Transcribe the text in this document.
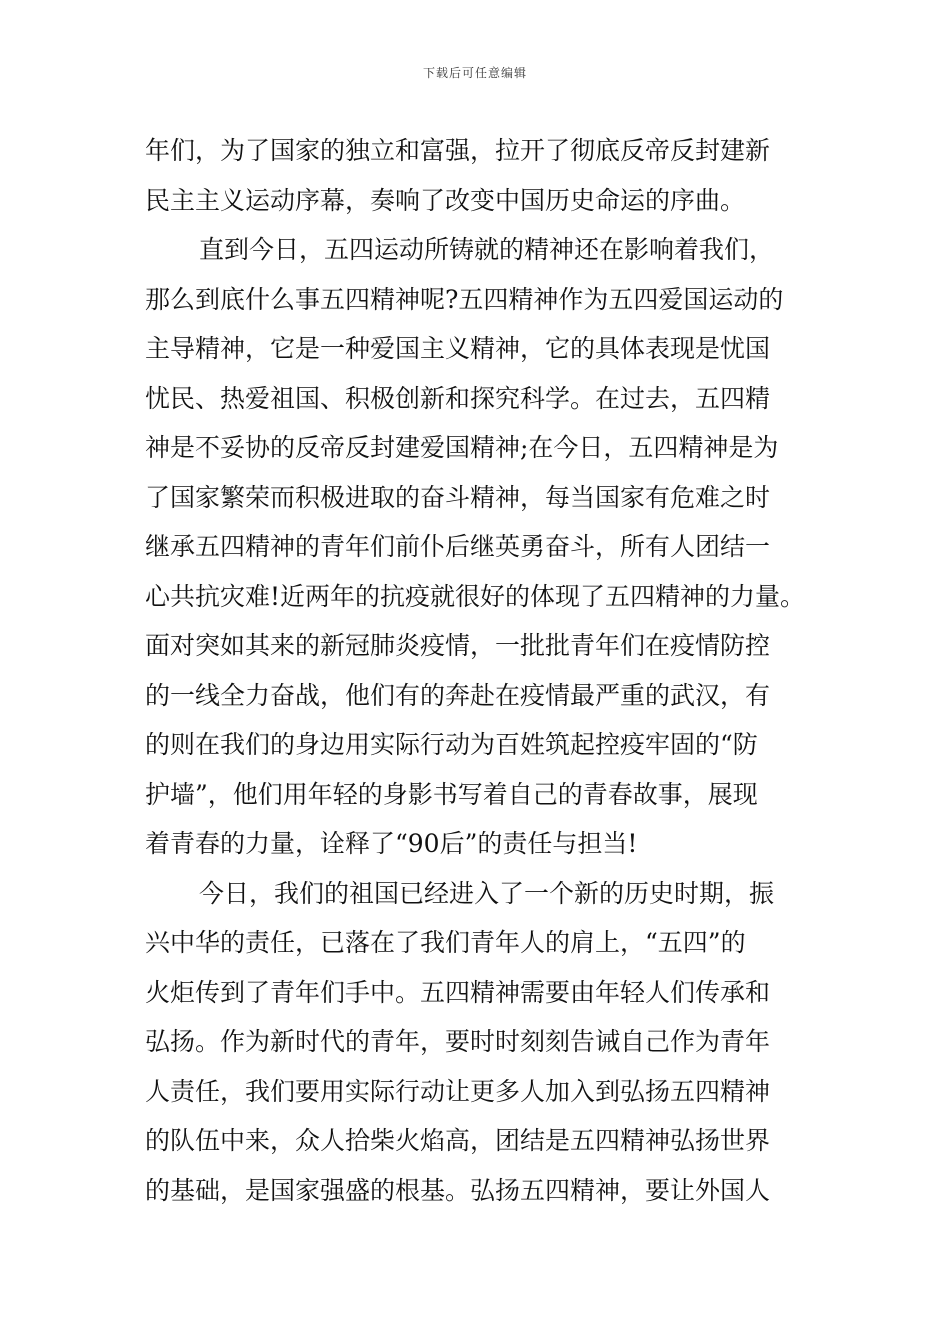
下载后可任意编辑
年们，为了国家的独立和富强，拉开了彻底反帝反封建新
民主主义运动序幕，奏响了改变中国历史命运的序曲。
直到今日，五四运动所铸就的精神还在影响着我们，
那么到底什么事五四精神呢?五四精神作为五四爱国运动的
主导精神，它是一种爱国主义精神，它的具体表现是忧国
忧民、热爱祖国、积极创新和探究科学。在过去，五四精
神是不妥协的反帝反封建爱国精神;在今日，五四精神是为
了国家繁荣而积极进取的奋斗精神，每当国家有危难之时
继承五四精神的青年们前仆后继英勇奋斗，所有人团结一
心共抗灾难!近两年的抗疫就很好的体现了五四精神的力量。
面对突如其来的新冠肺炎疫情，一批批青年们在疫情防控
的一线全力奋战，他们有的奔赴在疫情最严重的武汉，有
的则在我们的身边用实际行动为百姓筑起控疫牢固的“防
护墙”，他们用年轻的身影书写着自己的青春故事，展现
着青春的力量，诠释了“90后”的责任与担当!
今日，我们的祖国已经进入了一个新的历史时期，振
兴中华的责任，已落在了我们青年人的肩上，“五四”的
火炬传到了青年们手中。五四精神需要由年轻人们传承和
弘扬。作为新时代的青年，要时时刻刻告诫自己作为青年
人责任，我们要用实际行动让更多人加入到弘扬五四精神
的队伍中来，众人拾柴火焰高，团结是五四精神弘扬世界
的基础，是国家强盛的根基。弘扬五四精神，要让外国人
